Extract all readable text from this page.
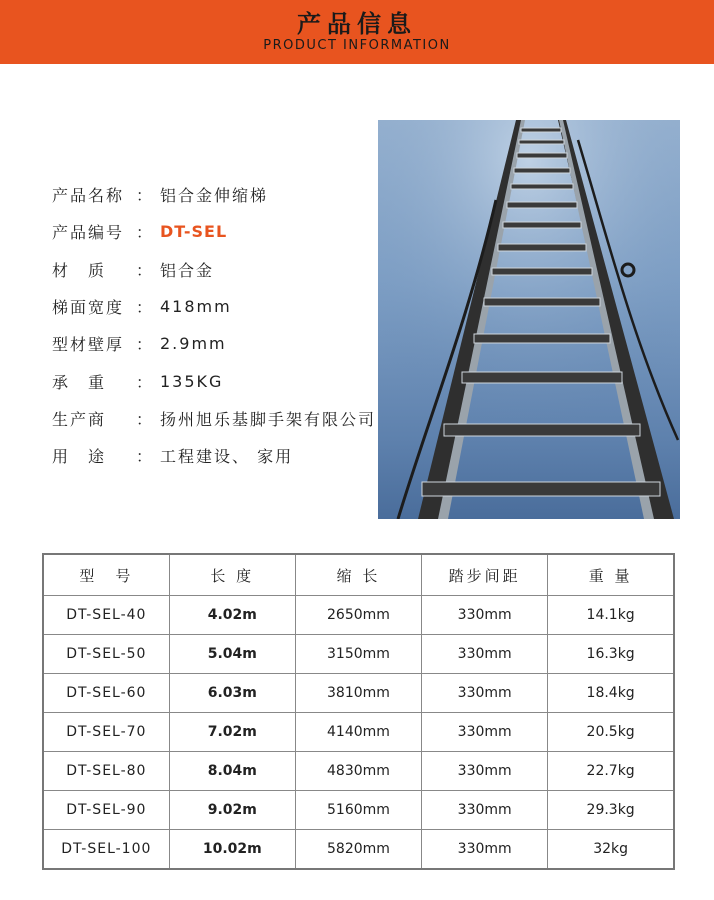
产品信息
PRODUCT INFORMATION
产品名称 ： 铝合金伸缩梯
产品编号 ： DT-SEL
材　质	： 铝合金
梯面宽度 ： 418mm
型材壁厚 ： 2.9mm
承　重	： 135KG
生产商	： 扬州旭乐基脚手架有限公司
用　途	： 工程建设、 家用
型　号	长 度	缩 长	踏步间距	重 量
DT-SEL-40	4.02m	2650mm	330mm	14.1kg
DT-SEL-50	5.04m	3150mm	330mm	16.3kg
DT-SEL-60	6.03m	3810mm	330mm	18.4kg
DT-SEL-70	7.02m	4140mm	330mm	20.5kg
DT-SEL-80	8.04m	4830mm	330mm	22.7kg
DT-SEL-90	9.02m	5160mm	330mm	29.3kg
DT-SEL-100	10.02m	5820mm	330mm	32kg
